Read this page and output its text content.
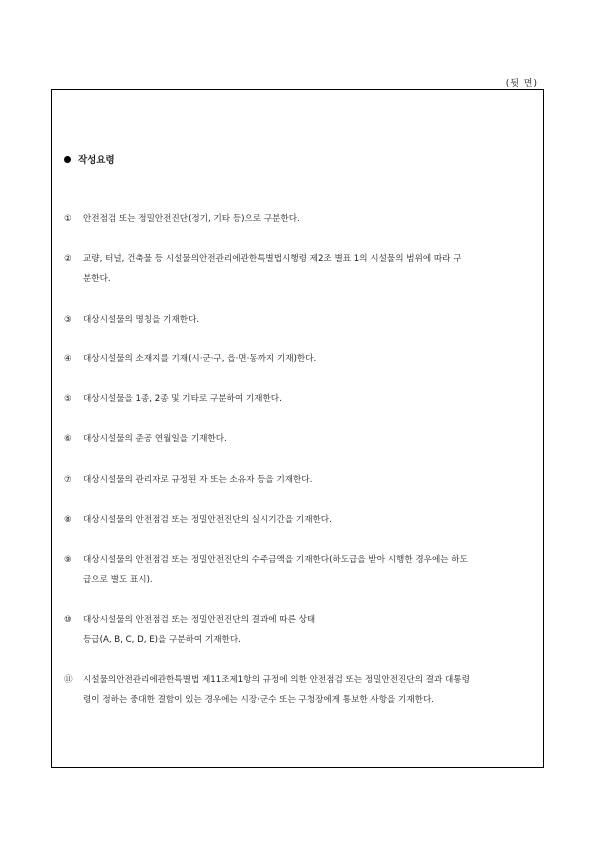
(뒷 면)
작성요령
①	안전점검 또는 정밀안전진단(정기, 기타 등)으로 구분한다.
②	교량, 터널, 건축물 등 시설물의안전관리에관한특별법시행령 제2조 별표 1의 시설물의 범위에 따라 구
분한다.
③	대상시설물의 명칭을 기재한다.
④	대상시설물의 소재지를 기재(시·군·구, 읍·면·동까지 기재)한다.
⑤	대상시설물을 1종, 2종 및 기타로 구분하여 기재한다.
⑥	대상시설물의 준공 연월일을 기재한다.
⑦	대상시설물의 관리자로 규정된 자 또는 소유자 등을 기재한다.
⑧	대상시설물의 안전점검 또는 정밀안전진단의 실시기간을 기재한다.
⑨	대상시설물의 안전점검 또는 정밀안전진단의 수주금액을 기재한다(하도급을 받아 시행한 경우에는 하도
급으로 별도 표시).
⑩	대상시설물의 안전점검 또는 정밀안전진단의 결과에 따른 상태
등급(A, B, C, D, E)을 구분하여 기재한다.
⑪	시설물의안전관리에관한특별법 제11조제1항의 규정에 의한 안전점검 또는 정밀안전진단의 결과 대통령
령이 정하는 중대한 결함이 있는 경우에는 시장·군수 또는 구청장에게 통보한 사항을 기재한다.
